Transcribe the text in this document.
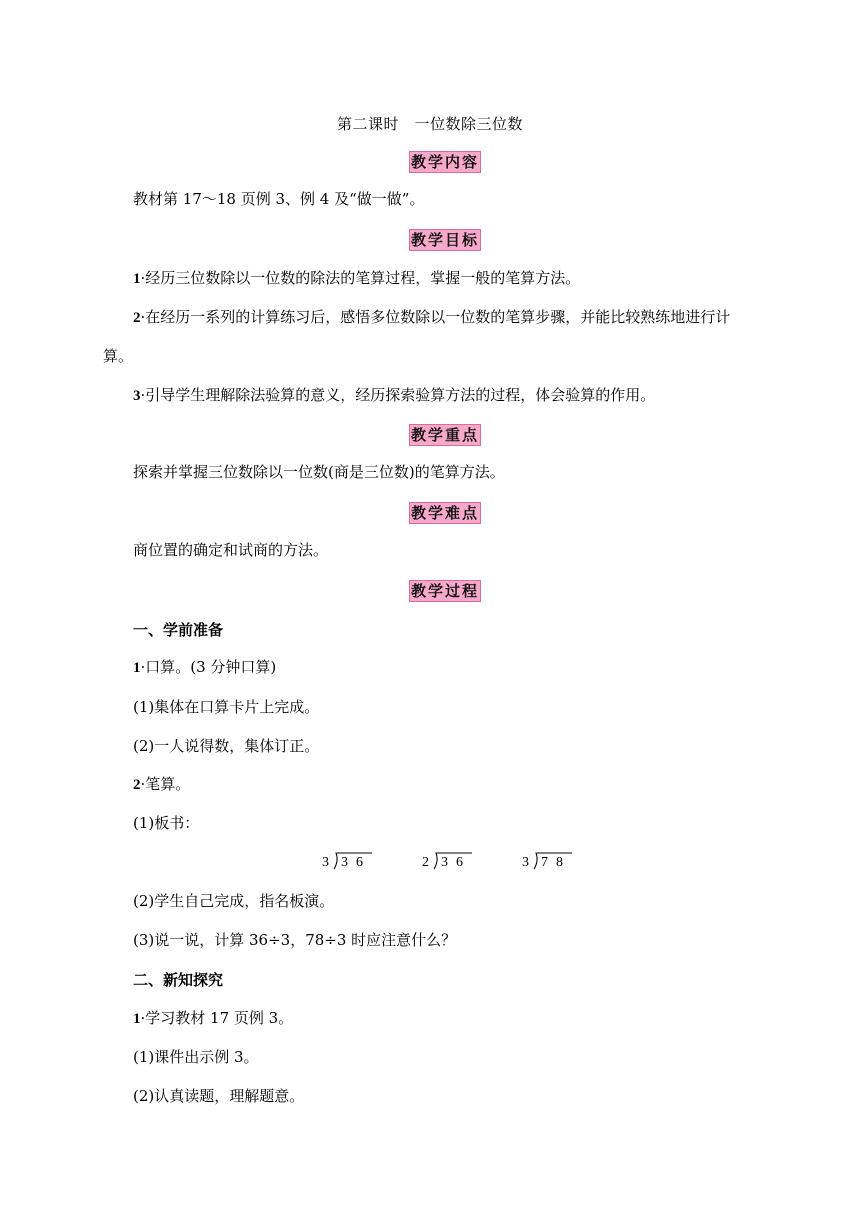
第二课时　一位数除三位数
教学内容
教材第 17～18 页例 3、例 4 及“做一做”。
教学目标
1·经历三位数除以一位数的除法的笔算过程，掌握一般的笔算方法。
2·在经历一系列的计算练习后，感悟多位数除以一位数的笔算步骤，并能比较熟练地进行计
算。
3·引导学生理解除法验算的意义，经历探索验算方法的过程，体会验算的作用。
教学重点
探索并掌握三位数除以一位数(商是三位数)的笔算方法。
教学难点
商位置的确定和试商的方法。
教学过程
一、学前准备
1·口算。(3 分钟口算)
(1)集体在口算卡片上完成。
(2)一人说得数，集体订正。
2·笔算。
(1)板书：
3 36	2 36	3 78
(2)学生自己完成，指名板演。
(3)说一说，计算 36÷3，78÷3 时应注意什么？
二、新知探究
1·学习教材 17 页例 3。
(1)课件出示例 3。
(2)认真读题，理解题意。
